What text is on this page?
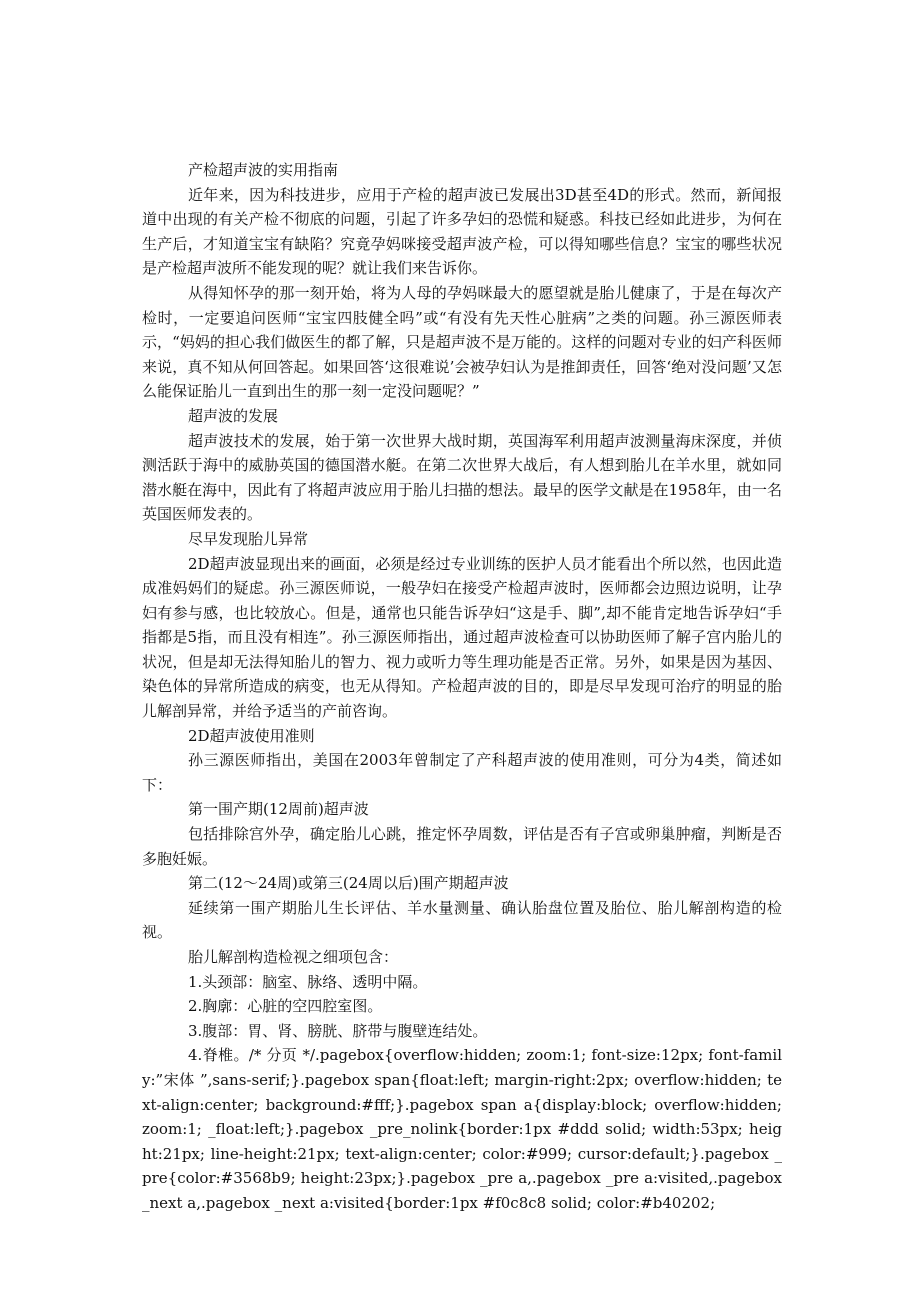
产检超声波的实用指南

近年来，因为科技进步，应用于产检的超声波已发展出3D甚至4D的形式。然而，新闻报道中出现的有关产检不彻底的问题，引起了许多孕妇的恐慌和疑惑。科技已经如此进步，为何在生产后，才知道宝宝有缺陷？究竟孕妈咪接受超声波产检，可以得知哪些信息？宝宝的哪些状况是产检超声波所不能发现的呢？就让我们来告诉你。

从得知怀孕的那一刻开始，将为人母的孕妈咪最大的愿望就是胎儿健康了，于是在每次产检时，一定要追问医师“宝宝四肢健全吗”或“有没有先天性心脏病”之类的问题。孙三源医师表示，“妈妈的担心我们做医生的都了解，只是超声波不是万能的。这样的问题对专业的妇产科医师来说，真不知从何回答起。如果回答‘这很难说’会被孕妇认为是推卸责任，回答‘绝对没问题’又怎么能保证胎儿一直到出生的那一刻一定没问题呢？”

超声波的发展

超声波技术的发展，始于第一次世界大战时期，英国海军利用超声波测量海床深度，并侦测活跃于海中的威胁英国的德国潜水艇。在第二次世界大战后，有人想到胎儿在羊水里，就如同潜水艇在海中，因此有了将超声波应用于胎儿扫描的想法。最早的医学文献是在1958年，由一名英国医师发表的。

尽早发现胎儿异常

2D超声波显现出来的画面，必须是经过专业训练的医护人员才能看出个所以然，也因此造成准妈妈们的疑虑。孙三源医师说，一般孕妇在接受产检超声波时，医师都会边照边说明，让孕妇有参与感，也比较放心。但是，通常也只能告诉孕妇“这是手、脚”,却不能肯定地告诉孕妇“手指都是5指，而且没有相连”。孙三源医师指出，通过超声波检查可以协助医师了解子宫内胎儿的状况，但是却无法得知胎儿的智力、视力或听力等生理功能是否正常。另外，如果是因为基因、染色体的异常所造成的病变，也无从得知。产检超声波的目的，即是尽早发现可治疗的明显的胎儿解剖异常，并给予适当的产前咨询。

2D超声波使用准则

孙三源医师指出，美国在2003年曾制定了产科超声波的使用准则，可分为4类，简述如下：

第一围产期(12周前)超声波

包括排除宫外孕，确定胎儿心跳，推定怀孕周数，评估是否有子宫或卵巢肿瘤，判断是否多胞妊娠。

第二(12～24周)或第三(24周以后)围产期超声波

延续第一围产期胎儿生长评估、羊水量测量、确认胎盘位置及胎位、胎儿解剖构造的检视。

胎儿解剖构造检视之细项包含：

1.头颈部：脑室、脉络、透明中隔。

2.胸廓：心脏的空四腔室图。

3.腹部：胃、肾、膀胱、脐带与腹壁连结处。

4.脊椎。/* 分页 */.pagebox{overflow:hidden; zoom:1; font-size:12px; font-family:”宋体 ”,sans-serif;}.pagebox span{float:left; margin-right:2px; overflow:hidden; text-align:center; background:#fff;}.pagebox span a{display:block; overflow:hidden; zoom:1; _float:left;}.pagebox _pre_nolink{border:1px #ddd solid; width:53px; height:21px; line-height:21px; text-align:center; color:#999; cursor:default;}.pagebox _pre{color:#3568b9; height:23px;}.pagebox _pre a,.pagebox _pre a:visited,.pagebox _next a,.pagebox _next a:visited{border:1px #f0c8c8 solid; color:#b40202;
